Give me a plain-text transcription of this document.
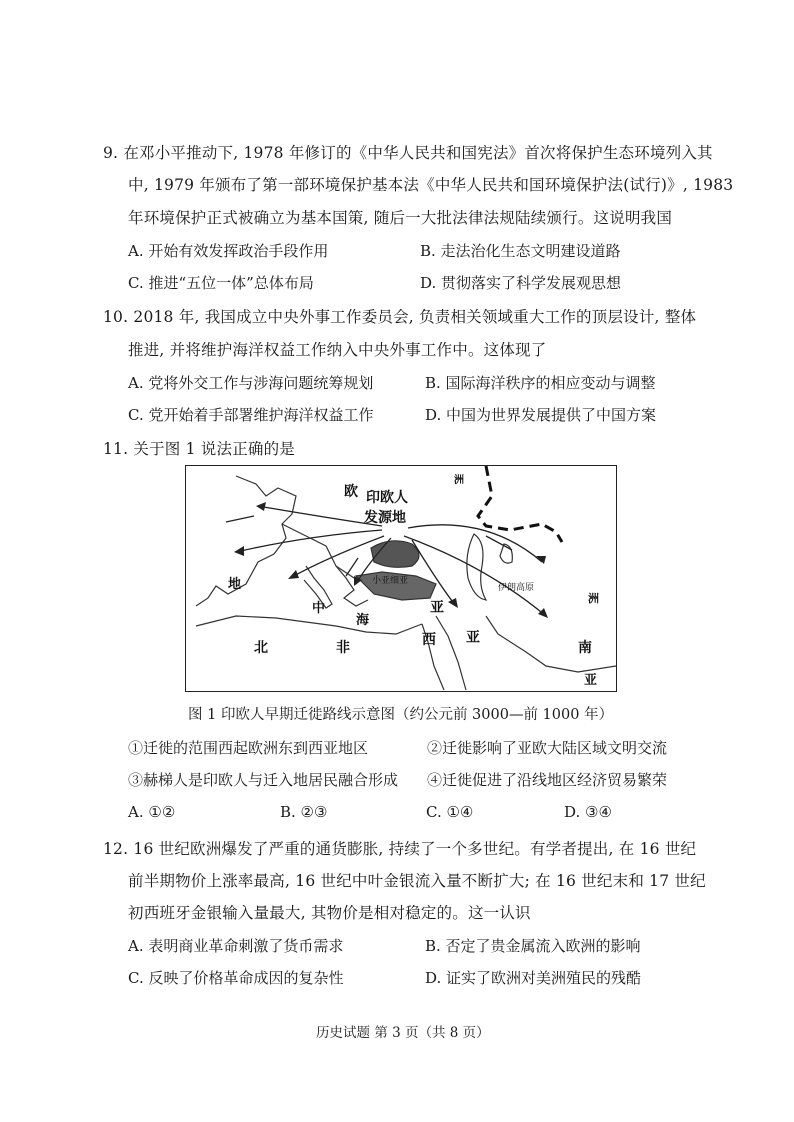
9. 在邓小平推动下, 1978 年修订的《中华人民共和国宪法》首次将保护生态环境列入其
中, 1979 年颁布了第一部环境保护基本法《中华人民共和国环境保护法(试行)》, 1983
年环境保护正式被确立为基本国策, 随后一大批法律法规陆续颁行。这说明我国
A. 开始有效发挥政治手段作用	B. 走法治化生态文明建设道路
C. 推进“五位一体”总体布局	D. 贯彻落实了科学发展观思想
10. 2018 年, 我国成立中央外事工作委员会, 负责相关领域重大工作的顶层设计, 整体
推进, 并将维护海洋权益工作纳入中央外事工作中。这体现了
A. 党将外交工作与涉海问题统筹规划	B. 国际海洋秩序的相应变动与调整
C. 党开始着手部署维护海洋权益工作	D. 中国为世界发展提供了中国方案
11. 关于图 1 说法正确的是
欧
洲
印欧人
发源地
地
中
海
小亚细亚
亚
伊朗高原
洲
北	非	西 亚
南
亚
图 1 印欧人早期迁徙路线示意图（约公元前 3000—前 1000 年）
①迁徙的范围西起欧洲东到西亚地区	②迁徙影响了亚欧大陆区域文明交流
③赫梯人是印欧人与迁入地居民融合形成 ④迁徙促进了沿线地区经济贸易繁荣
A. ①②	B. ②③	C. ①④	D. ③④
12. 16 世纪欧洲爆发了严重的通货膨胀, 持续了一个多世纪。有学者提出, 在 16 世纪
前半期物价上涨率最高, 16 世纪中叶金银流入量不断扩大; 在 16 世纪末和 17 世纪
初西班牙金银输入量最大, 其物价是相对稳定的。这一认识
A. 表明商业革命刺激了货币需求	B. 否定了贵金属流入欧洲的影响
C. 反映了价格革命成因的复杂性	D. 证实了欧洲对美洲殖民的残酷
历史试题 第 3 页（共 8 页）
